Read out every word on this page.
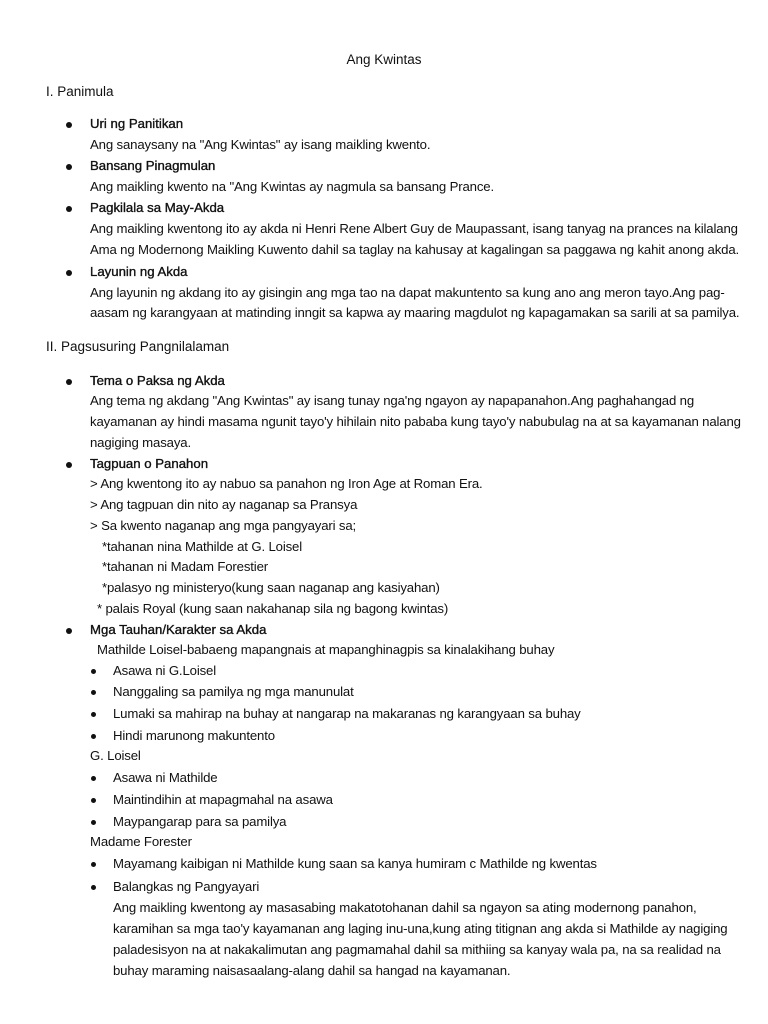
Ang Kwintas
I. Panimula
Uri ng Panitikan
Ang sanaysany na "Ang Kwintas" ay isang maikling kwento.
Bansang Pinagmulan
Ang maikling kwento na "Ang Kwintas ay nagmula sa bansang Prance.
Pagkilala sa May-Akda
Ang maikling kwentong ito ay akda ni Henri Rene Albert Guy de Maupassant, isang tanyag na prances na kilalang
Ama ng Modernong Maikling Kuwento dahil sa taglay na kahusay at kagalingan sa paggawa ng kahit anong akda.
Layunin ng Akda
Ang layunin ng akdang ito ay gisingin ang mga tao na dapat makuntento sa kung ano ang meron tayo.Ang pag-
aasam ng karangyaan at matinding inngit sa kapwa ay maaring magdulot ng kapagamakan sa sarili at sa pamilya.
II. Pagsusuring Pangnilalaman
Tema o Paksa ng Akda
Ang tema ng akdang "Ang Kwintas" ay isang tunay nga'ng ngayon ay napapanahon.Ang paghahangad ng
kayamanan ay hindi masama ngunit tayo'y hihilain nito pababa kung tayo'y nabubulag na at sa kayamanan nalang
nagiging masaya.
Tagpuan o Panahon
> Ang kwentong ito ay nabuo sa panahon ng Iron Age at Roman Era.
> Ang tagpuan din nito ay naganap sa Pransya
> Sa kwento naganap ang mga pangyayari sa;
*tahanan nina Mathilde at G. Loisel
*tahanan ni Madam Forestier
*palasyo ng ministeryo(kung saan naganap ang kasiyahan)
* palais Royal (kung saan nakahanap sila ng bagong kwintas)
Mga Tauhan/Karakter sa Akda
Mathilde Loisel-babaeng mapangnais at mapanghinagpis sa kinalakihang buhay
Asawa ni G.Loisel
Nanggaling sa pamilya ng mga manunulat
Lumaki sa mahirap na buhay at nangarap na makaranas ng karangyaan sa buhay
Hindi marunong makuntento
G. Loisel
Asawa ni Mathilde
Maintindihin at mapagmahal na asawa
Maypangarap para sa pamilya
Madame Forester
Mayamang kaibigan ni Mathilde kung saan sa kanya humiram c Mathilde ng kwentas
Balangkas ng Pangyayari
Ang maikling kwentong ay masasabing makatotohanan dahil sa ngayon sa ating modernong panahon,
karamihan sa mga tao'y kayamanan ang laging inu-una,kung ating titignan ang akda si Mathilde ay nagiging
paladesisyon na at nakakalimutan ang pagmamahal dahil sa mithiing sa kanyay wala pa, na sa realidad na
buhay maraming naisasaalang-alang dahil sa hangad na kayamanan.
